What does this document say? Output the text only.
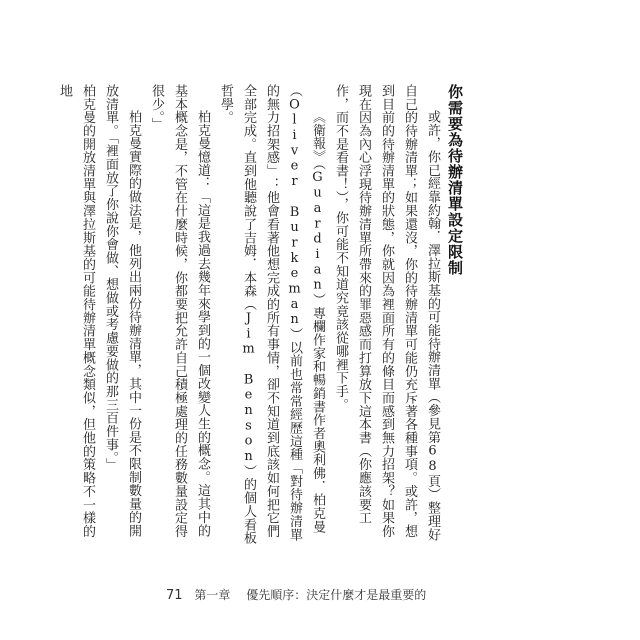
你需要為待辦清單設定限制

或許，你已經靠約翰．澤拉斯基的可能待辦清單（參見第68頁）整理好自己的待辦清單；如果還沒，你的待辦清單可能仍充斥著各種事項。或許，想到目前的待辦清單的狀態，你就因為裡面所有的條目而感到無力招架？如果你現在因為內心浮現待辦清單所帶來的罪惡感而打算放下這本書（你應該要工作，而不是看書！），你可能不知道究竟該從哪裡下手。

《衛報》（Guardian）專欄作家和暢銷書作者奧利佛．柏克曼（Oliver Burkeman）以前也常常經歷這種「對待辦清單的無力招架感」：他會看著他想完成的所有事情，卻不知道到底該如何把它們全部完成。直到他聽說了吉姆．本森（Jim Benson）的個人看板哲學。

柏克曼憶道：「這是我過去幾年來學到的一個改變人生的概念。這其中的基本概念是，不管在什麼時候，你都要把允許自己積極處理的任務數量設定得很少。」

柏克曼實際的做法是，他列出兩份待辦清單，其中一份是不限制數量的開放清單。「裡面放了你說你會做、想做或考慮要做的那三百件事。」

柏克曼的開放清單與澤拉斯基的可能待辦清單概念類似，但他的策略不一樣的地

71 第一章 優先順序：決定什麼才是最重要的
